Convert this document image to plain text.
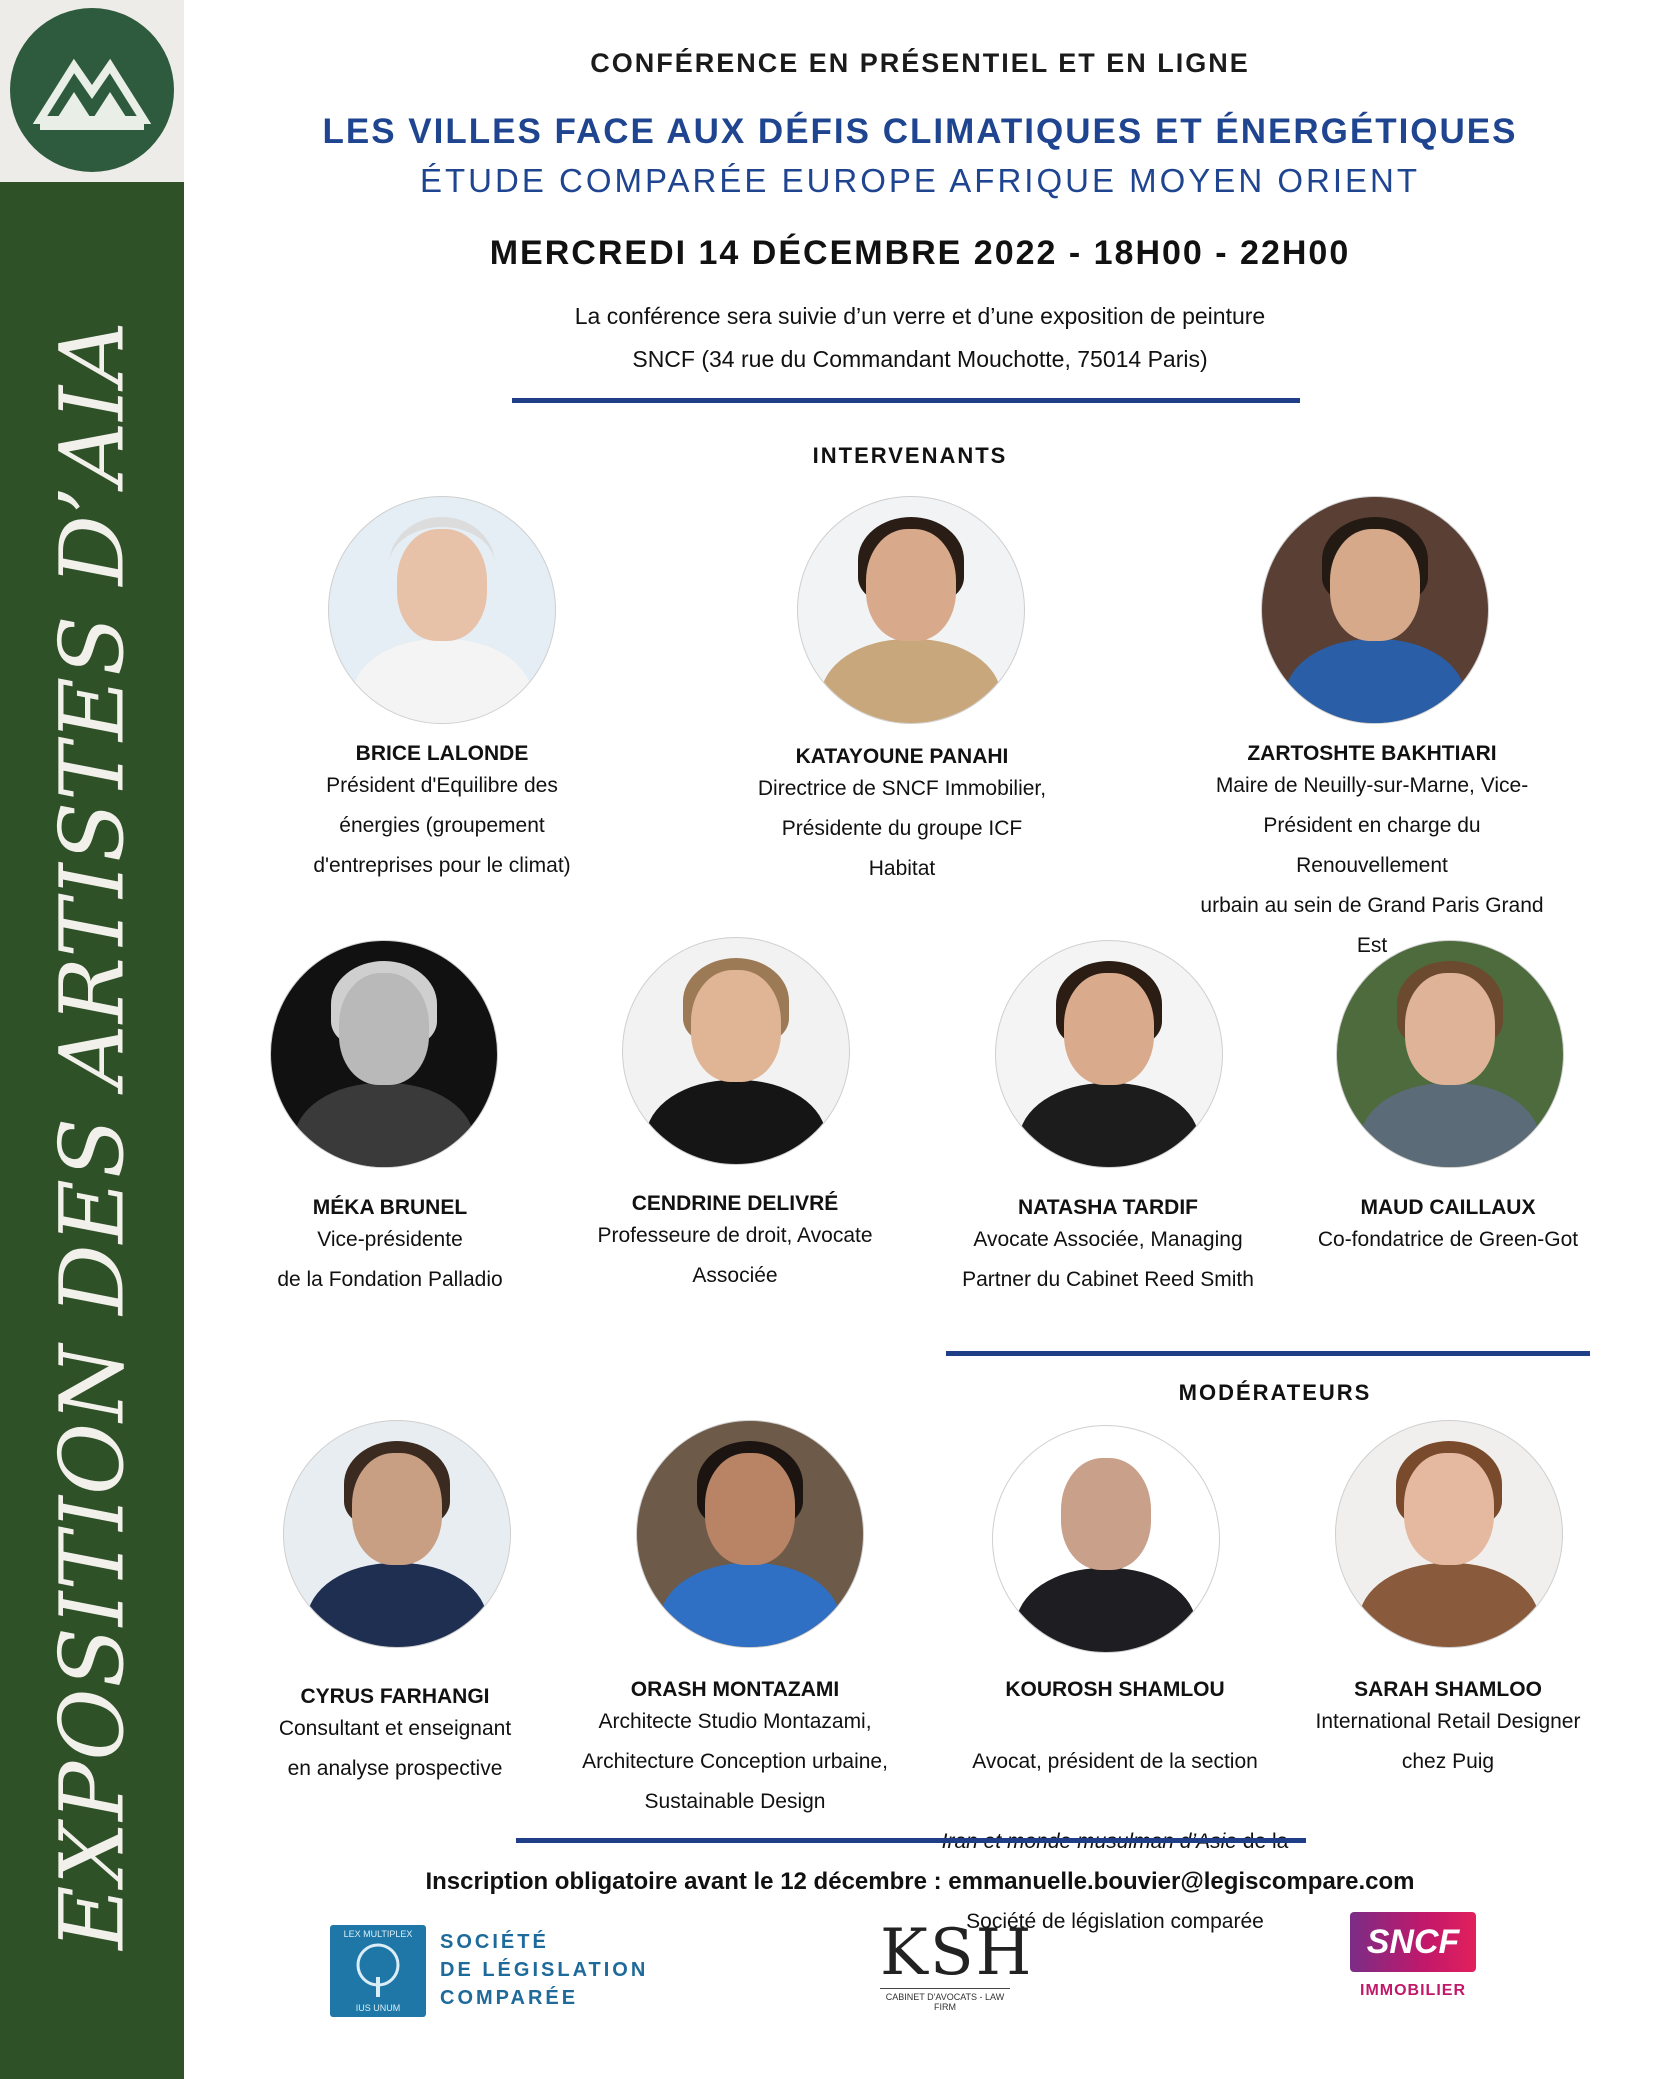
EXPOSITION DES ARTISTES D’AIA
CONFÉRENCE EN PRÉSENTIEL ET EN LIGNE
LES VILLES FACE AUX DÉFIS CLIMATIQUES ET ÉNERGÉTIQUES
ÉTUDE COMPARÉE EUROPE AFRIQUE MOYEN ORIENT
MERCREDI 14 DÉCEMBRE 2022 - 18H00 - 22H00
La conférence sera suivie d’un verre et d’une exposition de peinture
SNCF (34 rue du Commandant Mouchotte, 75014 Paris)
INTERVENANTS
BRICE LALONDE
Président d'Equilibre des
énergies (groupement
d'entreprises pour le climat)
KATAYOUNE PANAHI
Directrice de SNCF Immobilier,
Présidente du groupe ICF
Habitat
ZARTOSHTE BAKHTIARI
Maire de Neuilly-sur-Marne, Vice-
Président en charge du Renouvellement
urbain au sein de Grand Paris Grand Est
MÉKA BRUNEL
Vice-présidente
de la Fondation Palladio
CENDRINE DELIVRÉ
Professeure de droit, Avocate
Associée
NATASHA TARDIF
Avocate Associée, Managing
Partner du Cabinet Reed Smith
MAUD CAILLAUX
Co-fondatrice de Green-Got
MODÉRATEURS
CYRUS FARHANGI
Consultant et enseignant
en analyse prospective
ORASH MONTAZAMI
Architecte Studio Montazami,
Architecture Conception urbaine,
Sustainable Design
KOUROSH SHAMLOU

Avocat, président de la section

Société de législation comparée

SARAH SHAMLOO
International Retail Designer
chez Puig
Inscription obligatoire avant le 12 décembre : emmanuelle.bouvier@legiscompare.com
LEX MULTIPLEX
IUS UNUM
SOCIÉTÉ
DE LÉGISLATION
COMPARÉE
KSH
CABINET D'AVOCATS - LAW FIRM
SNCF
IMMOBILIER
